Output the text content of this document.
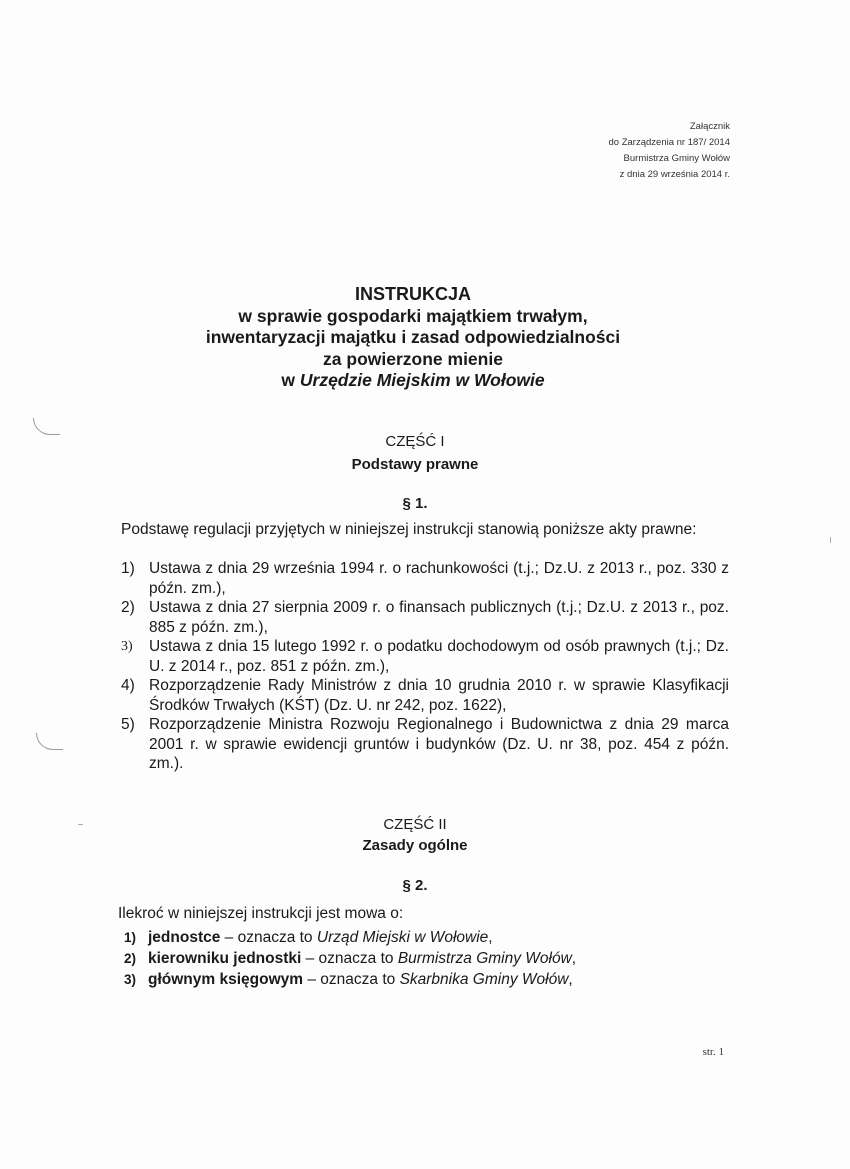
Załącznik
do Zarządzenia nr 187/ 2014
Burmistrza Gminy Wołów
z dnia 29 września 2014 r.
INSTRUKCJA
w sprawie gospodarki majątkiem trwałym,
inwentaryzacji majątku i zasad odpowiedzialności
za powierzone mienie
w Urzędzie Miejskim w Wołowie
CZĘŚĆ I
Podstawy prawne
§ 1.
Podstawę regulacji przyjętych w niniejszej instrukcji stanowią poniższe akty prawne:
1) Ustawa z dnia 29 września 1994 r. o rachunkowości (t.j.; Dz.U. z 2013 r., poz. 330 z późn. zm.),
2) Ustawa z dnia 27 sierpnia 2009 r. o finansach publicznych (t.j.; Dz.U. z 2013 r., poz. 885 z późn. zm.),
3) Ustawa z dnia 15 lutego 1992 r. o podatku dochodowym od osób prawnych (t.j.; Dz. U. z 2014 r., poz. 851 z późn. zm.),
4) Rozporządzenie Rady Ministrów z dnia 10 grudnia 2010 r. w sprawie Klasyfikacji Środków Trwałych (KŚT) (Dz. U. nr 242, poz. 1622),
5) Rozporządzenie Ministra Rozwoju Regionalnego i Budownictwa z dnia 29 marca 2001 r. w sprawie ewidencji gruntów i budynków (Dz. U. nr 38, poz. 454 z późn. zm.).
CZĘŚĆ II
Zasady ogólne
§ 2.
Ilekroć w niniejszej instrukcji jest mowa o:
1) jednostce – oznacza to Urząd Miejski w Wołowie,
2) kierowniku jednostki – oznacza to Burmistrza Gminy Wołów,
3) głównym księgowym – oznacza to Skarbnika Gminy Wołów,
str. 1
